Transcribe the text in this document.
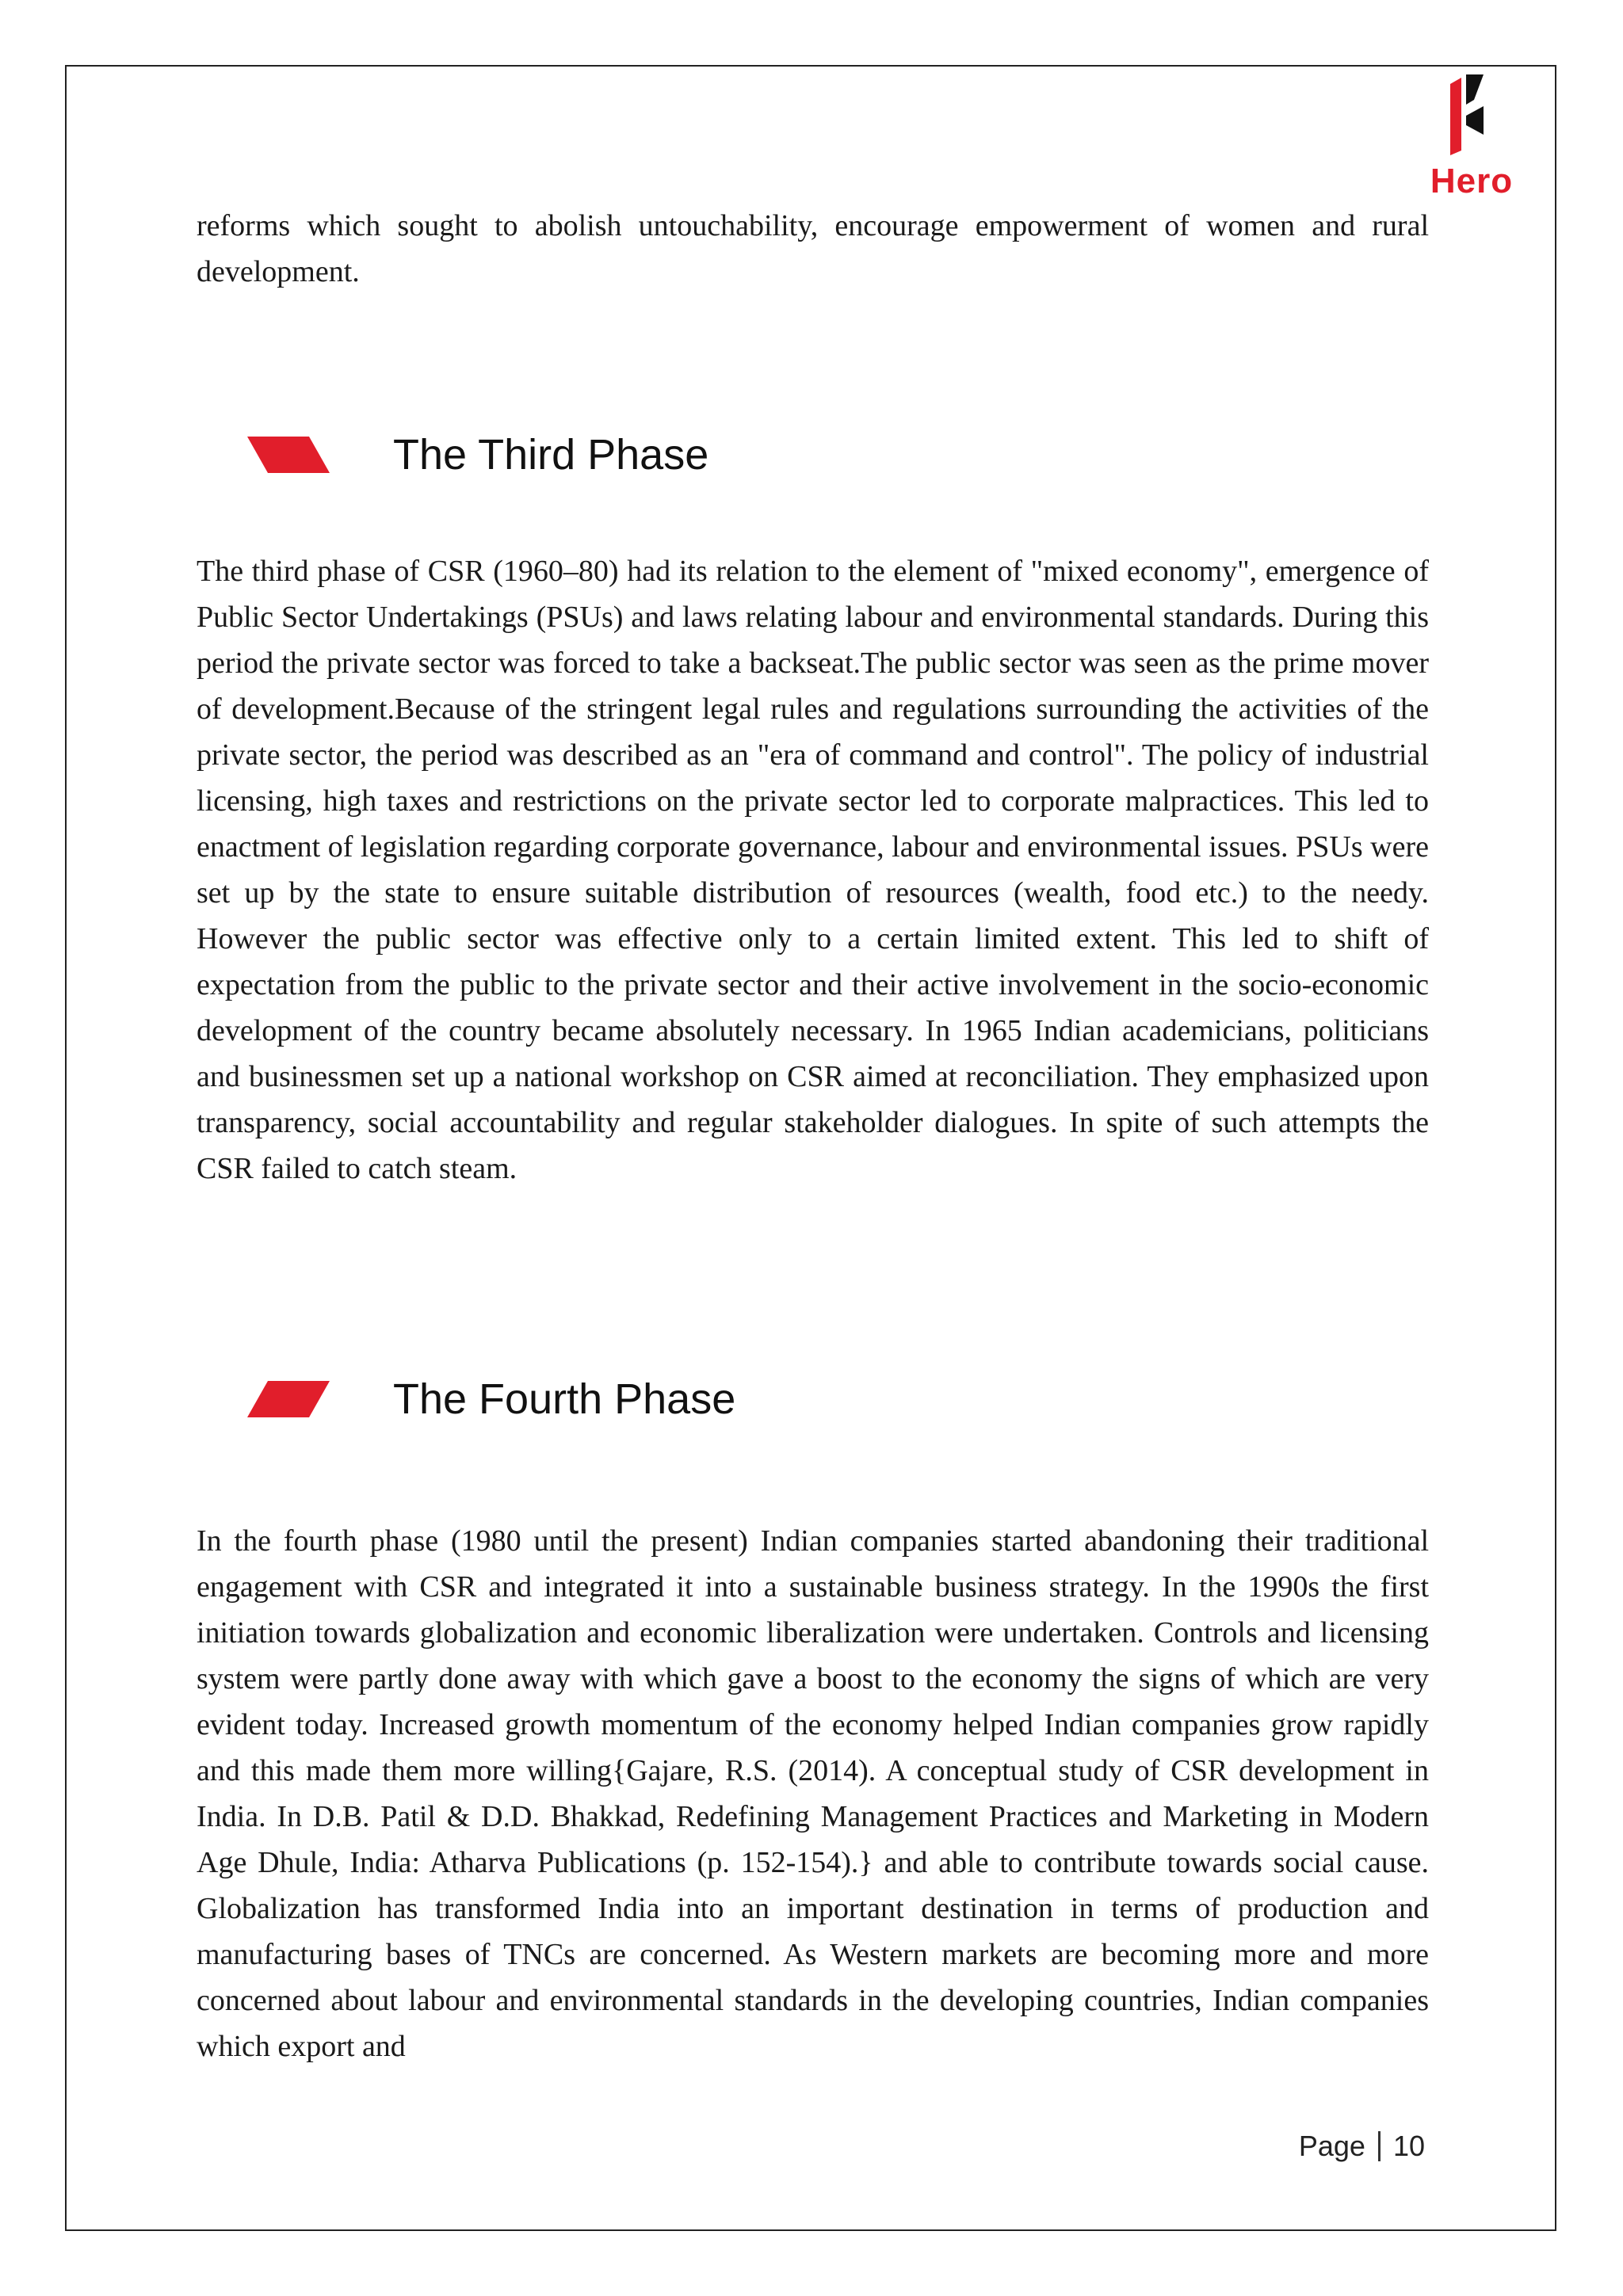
Hero

reforms which sought to abolish untouchability, encourage empowerment of women and rural development.

The Third Phase

The third phase of CSR (1960–80) had its relation to the element of "mixed economy", emergence of Public Sector Undertakings (PSUs) and laws relating labour and environmental standards. During this period the private sector was forced to take a backseat.The public sector was seen as the prime mover of development.Because of the stringent legal rules and regulations surrounding the activities of the private sector, the period was described as an "era of command and control". The policy of industrial licensing, high taxes and restrictions on the private sector led to corporate malpractices. This led to enactment of legislation regarding corporate governance, labour and environmental issues. PSUs were set up by the state to ensure suitable distribution of resources (wealth, food etc.) to the needy. However the public sector was effective only to a certain limited extent. This led to shift of expectation from the public to the private sector and their active involvement in the socio-economic development of the country became absolutely necessary. In 1965 Indian academicians, politicians and businessmen set up a national workshop on CSR aimed at reconciliation. They emphasized upon transparency, social accountability and regular stakeholder dialogues. In spite of such attempts the CSR failed to catch steam.

The Fourth Phase

In the fourth phase (1980 until the present) Indian companies started abandoning their traditional engagement with CSR and integrated it into a sustainable business strategy. In the 1990s the first initiation towards globalization and economic liberalization were undertaken. Controls and licensing system were partly done away with which gave a boost to the economy the signs of which are very evident today. Increased growth momentum of the economy helped Indian companies grow rapidly and this made them more willing{Gajare, R.S. (2014). A conceptual study of CSR development in India. In D.B. Patil & D.D. Bhakkad, Redefining Management Practices and Marketing in Modern Age Dhule, India: Atharva Publications (p. 152-154).} and able to contribute towards social cause. Globalization has transformed India into an important destination in terms of production and manufacturing bases of TNCs are concerned. As Western markets are becoming more and more concerned about labour and environmental standards in the developing countries, Indian companies which export and

Page 10
